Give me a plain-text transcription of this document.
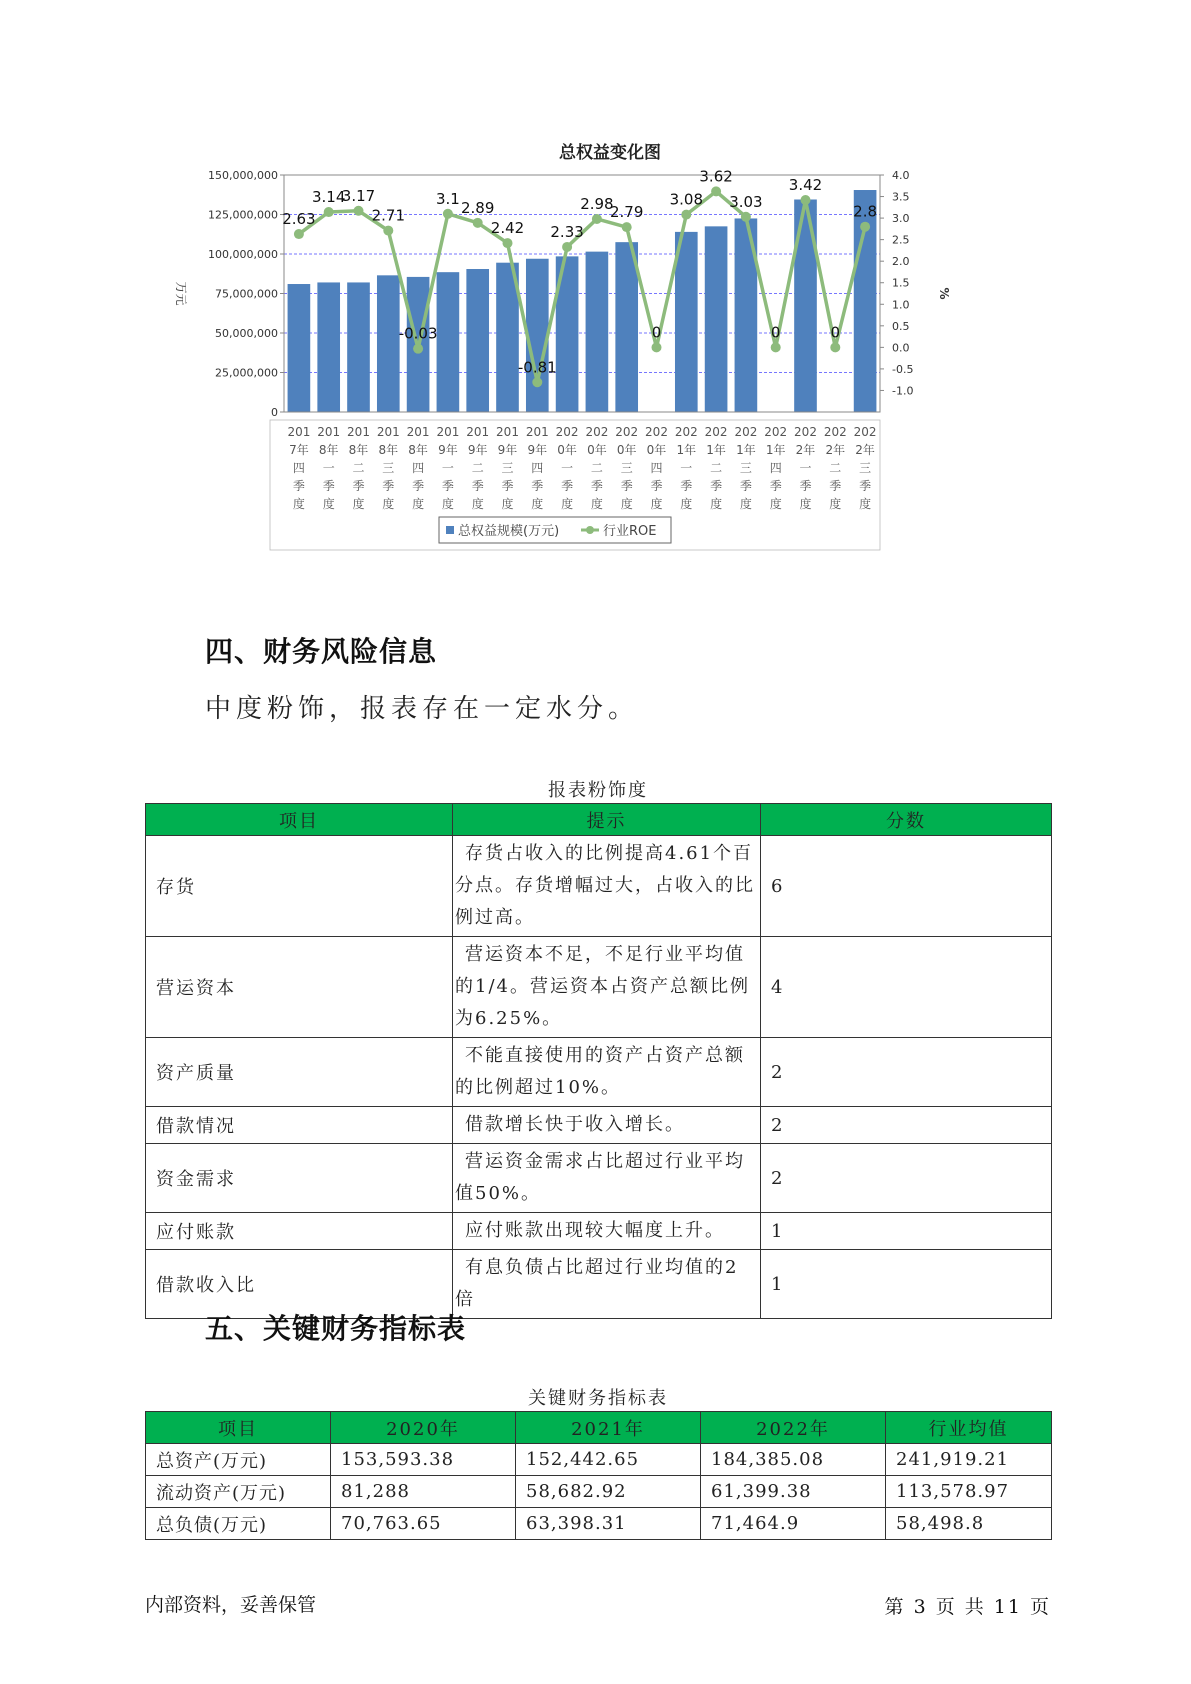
总权益变化图
0
25,000,000
50,000,000
75,000,000
100,000,000
125,000,000
150,000,000
-1.0
-0.5
0.0
0.5
1.0
1.5
2.0
2.5
3.0
3.5
4.0
万元	%
201
7年
四
季
度
201
8年
一
季
度
201
8年
二
季
度
201
8年
三
季
度
201
8年
四
季
度
201
9年
一
季
度
201
9年
二
季
度
201
9年
三
季
度
201
9年
四
季
度
202
0年
一
季
度
202
0年
二
季
度
202
0年
三
季
度
202
0年
四
季
度
202
1年
一
季
度
202
1年
二
季
度
202
1年
三
季
度
202
1年
四
季
度
202
2年
一
季
度
202
2年
二
季
度
202
2年
三
季
度
2.63
3.14
3.17
2.71
-0.03
3.1
2.89
2.42
-0.81
2.33
2.98
2.79
0
3.08
3.62
3.03
0
3.42
0
2.8
总权益规模(万元)	行业ROE
四、财务风险信息
中度粉饰，报表存在一定水分。
报表粉饰度
项目	提示	分数
存货	存货占收入的比例提高4.61个百
分点。存货增幅过大，占收入的比
例过高。	6
营运资本	营运资本不足，不足行业平均值
的1/4。营运资本占资产总额比例
为6.25%。	4
资产质量	不能直接使用的资产占资产总额
的比例超过10%。	2
借款情况	借款增长快于收入增长。	2
资金需求	营运资金需求占比超过行业平均
值50%。	2
应付账款	应付账款出现较大幅度上升。	1
借款收入比	有息负债占比超过行业均值的2倍	1
五、关键财务指标表
关键财务指标表
项目	2020年	2021年	2022年	行业均值
总资产(万元)	153,593.38	152,442.65	184,385.08	241,919.21
流动资产(万元)	81,288	58,682.92	61,399.38	113,578.97
总负债(万元)	70,763.65	63,398.31	71,464.9	58,498.8
内部资料，妥善保管	第 3 页 共 11 页
